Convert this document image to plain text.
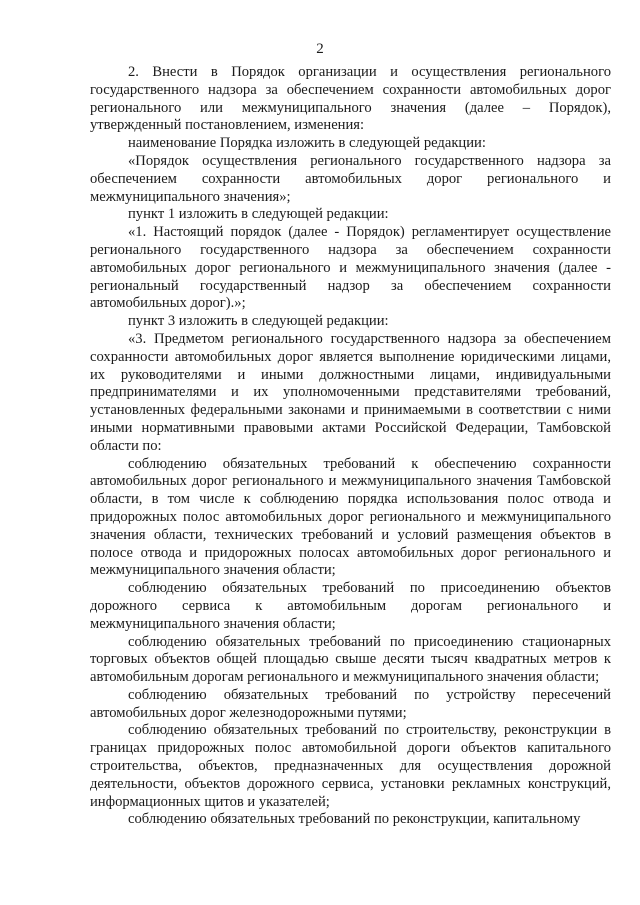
2

2. Внести в Порядок организации и осуществления регионального государственного надзора за обеспечением сохранности автомобильных дорог регионального или межмуниципального значения (далее – Порядок), утвержденный постановлением, изменения:

наименование Порядка изложить в следующей редакции:

«Порядок осуществления регионального государственного надзора за обеспечением сохранности автомобильных дорог регионального и межмуниципального значения»;

пункт 1 изложить в следующей редакции:

«1. Настоящий порядок (далее - Порядок) регламентирует осуществление регионального государственного надзора за обеспечением сохранности автомобильных дорог регионального и межмуниципального значения (далее - региональный государственный надзор за обеспечением сохранности автомобильных дорог).»;

пункт 3 изложить в следующей редакции:

«3. Предметом регионального государственного надзора за обеспечением сохранности автомобильных дорог является выполнение юридическими лицами, их руководителями и иными должностными лицами, индивидуальными предпринимателями и их уполномоченными представителями требований, установленных федеральными законами и принимаемыми в соответствии с ними иными нормативными правовыми актами Российской Федерации, Тамбовской области по:

соблюдению обязательных требований к обеспечению сохранности автомобильных дорог регионального и межмуниципального значения Тамбовской области, в том числе к соблюдению порядка использования полос отвода и придорожных полос автомобильных дорог регионального и межмуниципального значения области, технических требований и условий размещения объектов в полосе отвода и придорожных полосах автомобильных дорог регионального и межмуниципального значения области;

соблюдению обязательных требований по присоединению объектов дорожного сервиса к автомобильным дорогам регионального и межмуниципального значения области;

соблюдению обязательных требований по присоединению стационарных торговых объектов общей площадью свыше десяти тысяч квадратных метров к автомобильным дорогам регионального и межмуниципального значения области;

соблюдению обязательных требований по устройству пересечений автомобильных дорог железнодорожными путями;

соблюдению обязательных требований по строительству, реконструкции в границах придорожных полос автомобильной дороги объектов капитального строительства, объектов, предназначенных для осуществления дорожной деятельности, объектов дорожного сервиса, установки рекламных конструкций, информационных щитов и указателей;

соблюдению обязательных требований по реконструкции, капитальному
